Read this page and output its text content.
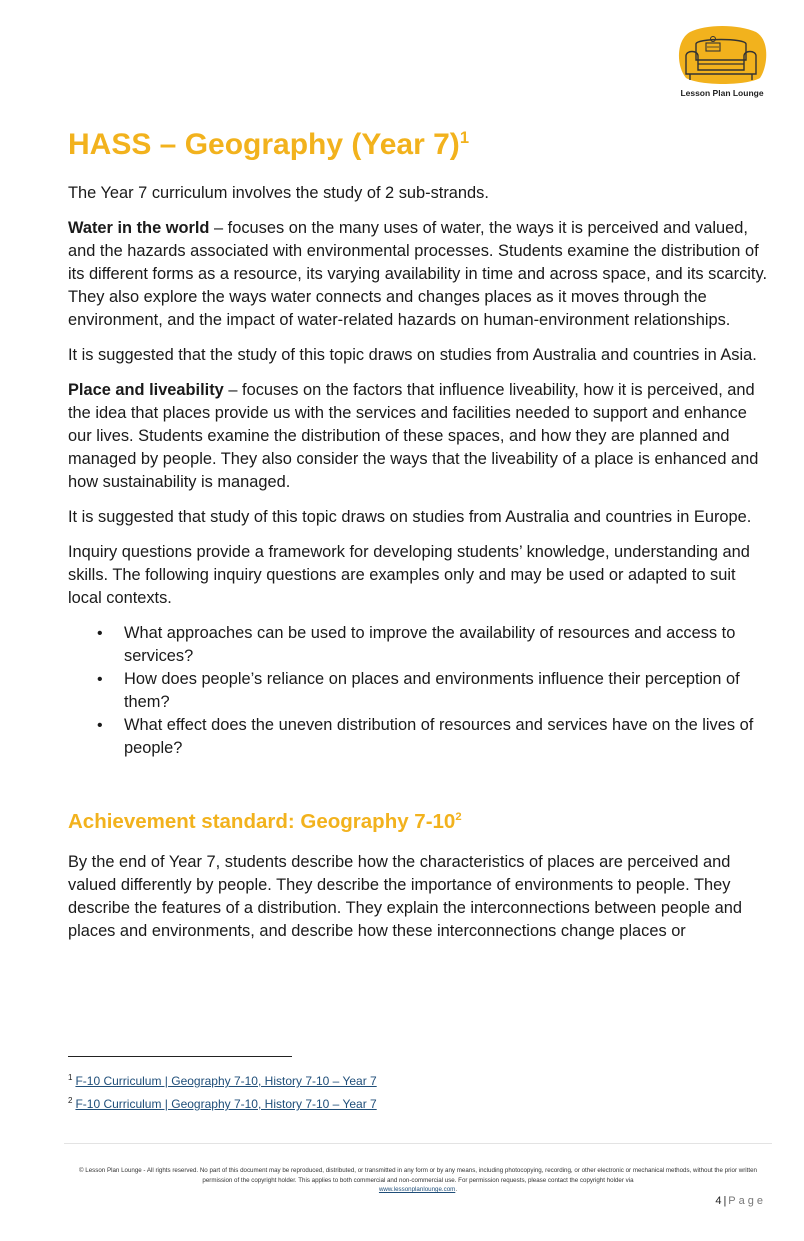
Lesson Plan Lounge
HASS – Geography (Year 7)$^1$

The Year 7 curriculum involves the study of 2 sub-strands.

Water in the world – focuses on the many uses of water, the ways it is perceived and valued, and the hazards associated with environmental processes. Students examine the distribution of its different forms as a resource, its varying availability in time and across space, and its scarcity. They also explore the ways water connects and changes places as it moves through the environment, and the impact of water-related hazards on human-environment relationships.

It is suggested that the study of this topic draws on studies from Australia and countries in Asia.

Place and liveability – focuses on the factors that influence liveability, how it is perceived, and the idea that places provide us with the services and facilities needed to support and enhance our lives. Students examine the distribution of these spaces, and how they are planned and managed by people. They also consider the ways that the liveability of a place is enhanced and how sustainability is managed.

It is suggested that study of this topic draws on studies from Australia and countries in Europe.

Inquiry questions provide a framework for developing students’ knowledge, understanding and skills. The following inquiry questions are examples only and may be used or adapted to suit local contexts.

• What approaches can be used to improve the availability of resources and access to services?
• How does people’s reliance on places and environments influence their perception of them?
• What effect does the uneven distribution of resources and services have on the lives of people?
Achievement standard: Geography $7-10^2$

By the end of Year 7, students describe how the characteristics of places are perceived and valued differently by people. They describe the importance of environments to people. They describe the features of a distribution. They explain the interconnections between people and places and environments, and describe how these interconnections change places or

$^1$ F-10 Curriculum | Geography 7-10, History 7-10 – Year 7
$^2$ F-10 Curriculum | Geography 7-10, History 7-10 – Year 7
© Lesson Plan Lounge - All rights reserved. No part of this document may be reproduced, distributed, or transmitted in any form or by any means, including photocopying, recording, or other electronic or mechanical methods, without the prior written permission of the copyright holder. This applies to both commercial and non-commercial use. For permission requests, please contact the copyright holder via
www.lessonplanlounge.com.
4 | Page
